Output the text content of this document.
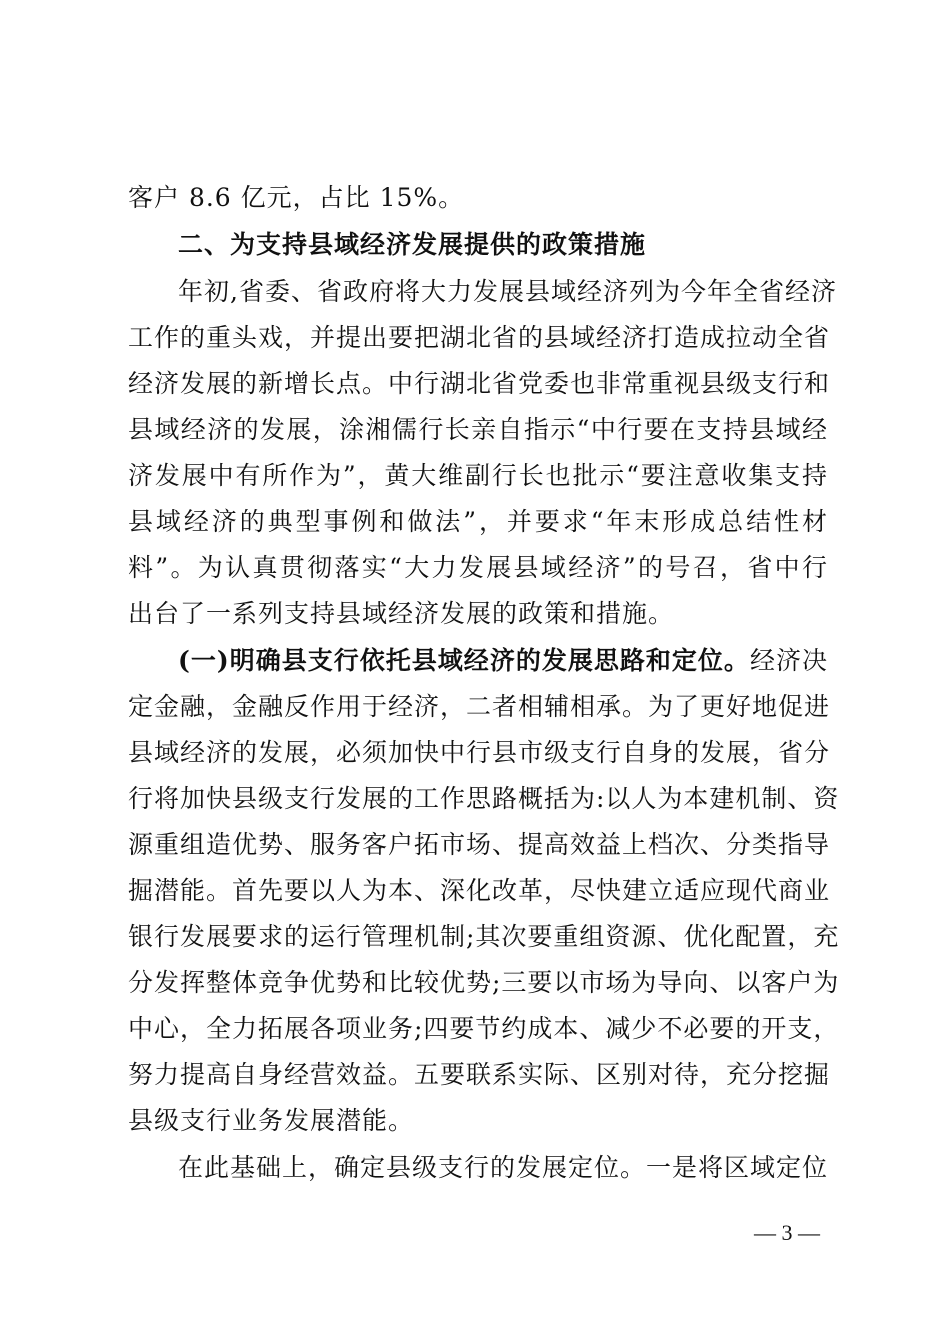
客户 8.6 亿元，占比 15%。
二、为支持县域经济发展提供的政策措施
年初,省委、省政府将大力发展县域经济列为今年全省经济
工作的重头戏，并提出要把湖北省的县域经济打造成拉动全省
经济发展的新增长点。中行湖北省党委也非常重视县级支行和
县域经济的发展，涂湘儒行长亲自指示“中行要在支持县域经
济发展中有所作为”，黄大维副行长也批示“要注意收集支持
县域经济的典型事例和做法”，并要求“年末形成总结性材
料”。为认真贯彻落实“大力发展县域经济”的号召，省中行
出台了一系列支持县域经济发展的政策和措施。
(一)明确县支行依托县域经济的发展思路和定位。经济决
定金融，金融反作用于经济，二者相辅相承。为了更好地促进
县域经济的发展，必须加快中行县市级支行自身的发展，省分
行将加快县级支行发展的工作思路概括为:以人为本建机制、资
源重组造优势、服务客户拓市场、提高效益上档次、分类指导
掘潜能。首先要以人为本、深化改革，尽快建立适应现代商业
银行发展要求的运行管理机制;其次要重组资源、优化配置，充
分发挥整体竞争优势和比较优势;三要以市场为导向、以客户为
中心，全力拓展各项业务;四要节约成本、减少不必要的开支，
努力提高自身经营效益。五要联系实际、区别对待，充分挖掘
县级支行业务发展潜能。
在此基础上，确定县级支行的发展定位。一是将区域定位
— 3 —
